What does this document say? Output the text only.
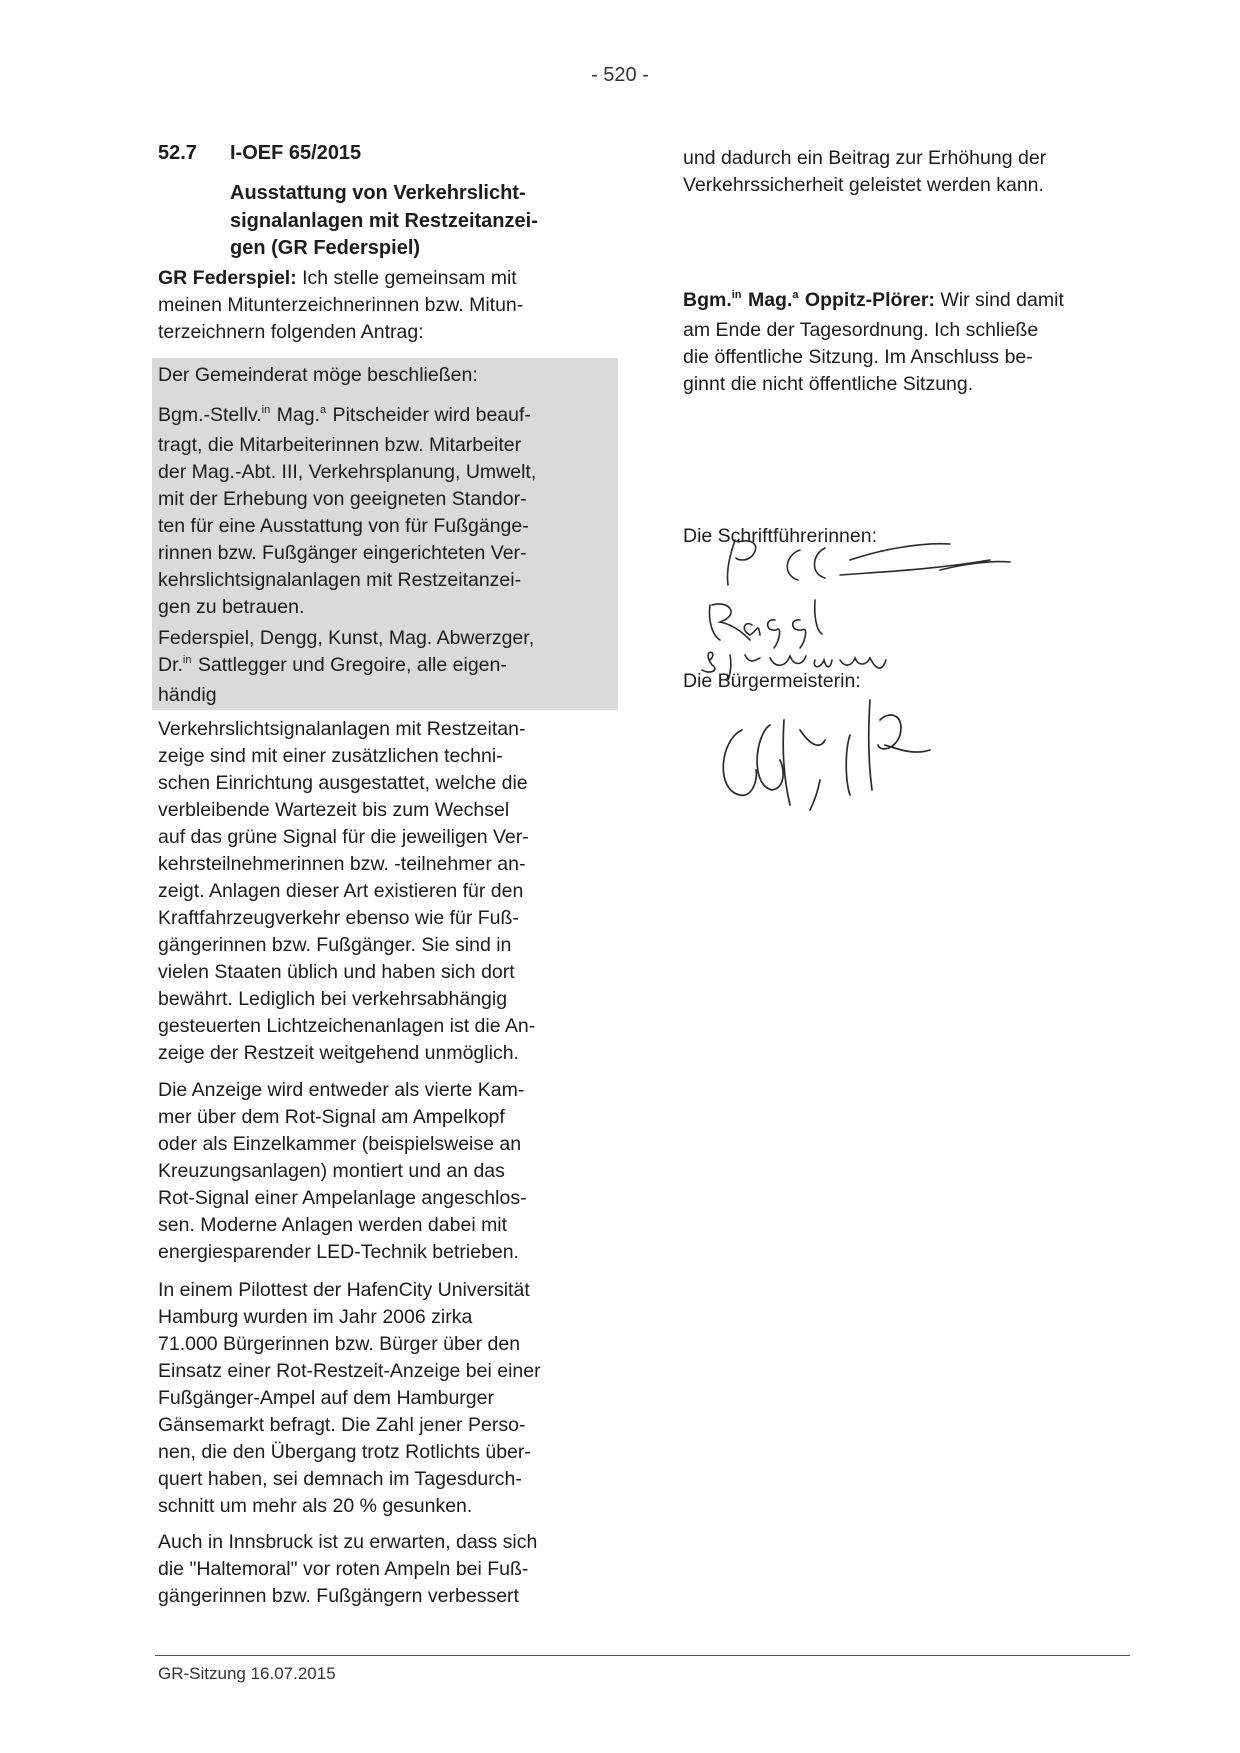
- 520 -
52.7 I-OEF 65/2015
Ausstattung von Verkehrslicht-
signalanlagen mit Restzeitanzei-
gen (GR Federspiel)

GR Federspiel: Ich stelle gemeinsam mit
meinen Mitunterzeichnerinnen bzw. Mitun-
terzeichnern folgenden Antrag:

Der Gemeinderat möge beschließen:

Bgm.-Stellv.$^{in}$ Mag.$^a$ Pitscheider wird beauf-
tragt, die Mitarbeiterinnen bzw. Mitarbeiter
der Mag.-Abt. III, Verkehrsplanung, Umwelt,
mit der Erhebung von geeigneten Standor-
ten für eine Ausstattung von für Fußgänge-
rinnen bzw. Fußgänger eingerichteten Ver-
kehrslichtsignalanlagen mit Restzeitanzei-
gen zu betrauen.

Federspiel, Dengg, Kunst, Mag. Abwerzger,
Dr.$^{in}$ Sattlegger und Gregoire, alle eigen-
händig

Verkehrslichtsignalanlagen mit Restzeitan-
zeige sind mit einer zusätzlichen techni-
schen Einrichtung ausgestattet, welche die
verbleibende Wartezeit bis zum Wechsel
auf das grüne Signal für die jeweiligen Ver-
kehrsteilnehmerinnen bzw. -teilnehmer an-
zeigt. Anlagen dieser Art existieren für den
Kraftfahrzeugverkehr ebenso wie für Fuß-
gängerinnen bzw. Fußgänger. Sie sind in
vielen Staaten üblich und haben sich dort
bewährt. Lediglich bei verkehrsabhängig
gesteuerten Lichtzeichenanlagen ist die An-
zeige der Restzeit weitgehend unmöglich.

Die Anzeige wird entweder als vierte Kam-
mer über dem Rot-Signal am Ampelkopf
oder als Einzelkammer (beispielsweise an
Kreuzungsanlagen) montiert und an das
Rot-Signal einer Ampelanlage angeschlos-
sen. Moderne Anlagen werden dabei mit
energiesparender LED-Technik betrieben.

In einem Pilottest der HafenCity Universität
Hamburg wurden im Jahr 2006 zirka
71.000 Bürgerinnen bzw. Bürger über den
Einsatz einer Rot-Restzeit-Anzeige bei einer
Fußgänger-Ampel auf dem Hamburger
Gänsemarkt befragt. Die Zahl jener Perso-
nen, die den Übergang trotz Rotlichts über-
quert haben, sei demnach im Tagesdurch-
schnitt um mehr als 20 % gesunken.

Auch in Innsbruck ist zu erwarten, dass sich
die "Haltemoral" vor roten Ampeln bei Fuß-
gängerinnen bzw. Fußgängern verbessert

und dadurch ein Beitrag zur Erhöhung der
Verkehrssicherheit geleistet werden kann.

Bgm.$^{in}$ Mag.$^a$ Oppitz-Plörer: Wir sind damit
am Ende der Tagesordnung. Ich schließe
die öffentliche Sitzung. Im Anschluss be-
ginnt die nicht öffentliche Sitzung.

Die Schriftführerinnen:

Die Bürgermeisterin:

GR-Sitzung 16.07.2015
